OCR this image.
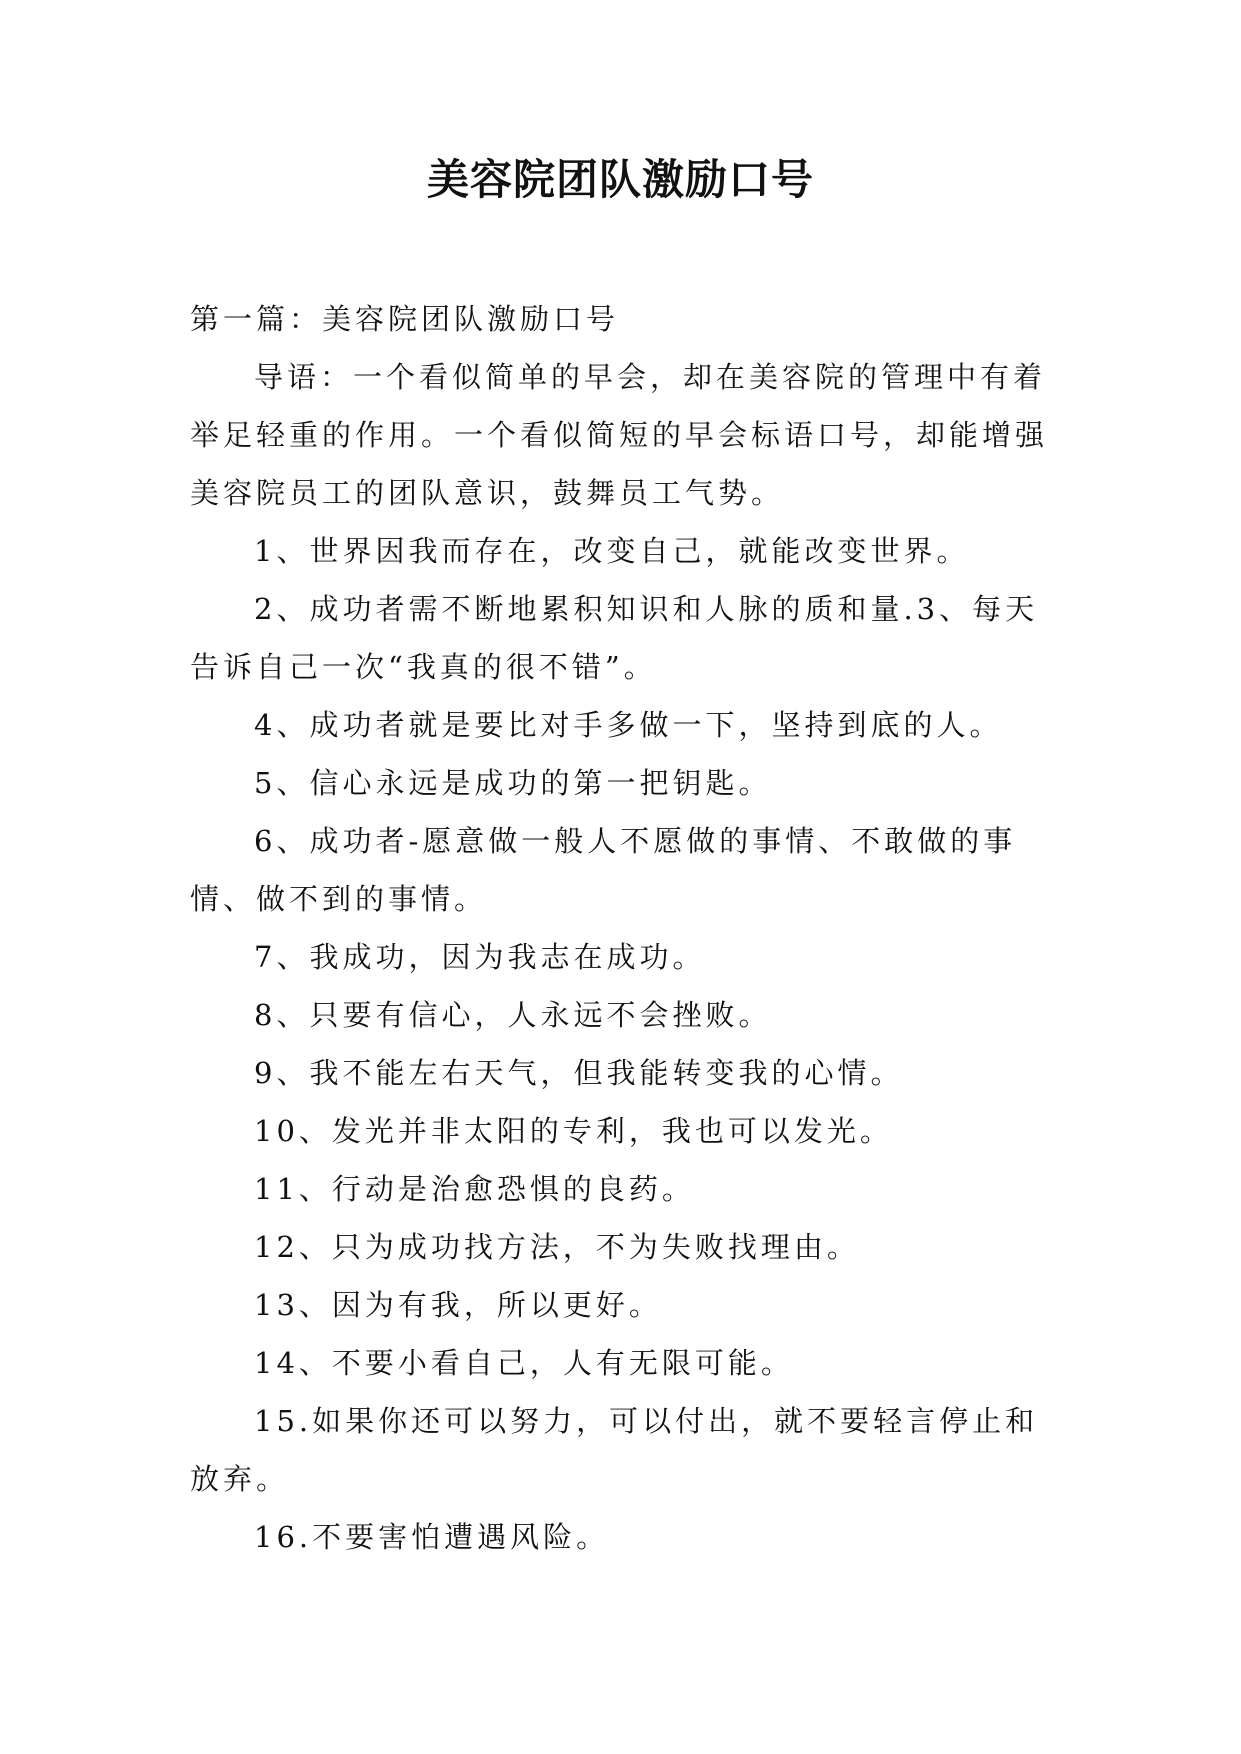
美容院团队激励口号

第一篇：美容院团队激励口号

导语：一个看似简单的早会，却在美容院的管理中有着举足轻重的作用。一个看似简短的早会标语口号，却能增强美容院员工的团队意识，鼓舞员工气势。

1、世界因我而存在，改变自己，就能改变世界。

2、成功者需不断地累积知识和人脉的质和量.3、每天告诉自己一次“我真的很不错”。

4、成功者就是要比对手多做一下，坚持到底的人。

5、信心永远是成功的第一把钥匙。

6、成功者-愿意做一般人不愿做的事情、不敢做的事情、做不到的事情。

7、我成功，因为我志在成功。

8、只要有信心，人永远不会挫败。

9、我不能左右天气，但我能转变我的心情。

10、发光并非太阳的专利，我也可以发光。

11、行动是治愈恐惧的良药。

12、只为成功找方法，不为失败找理由。

13、因为有我，所以更好。

14、不要小看自己，人有无限可能。

15.如果你还可以努力，可以付出，就不要轻言停止和放弃。

16.不要害怕遭遇风险。
